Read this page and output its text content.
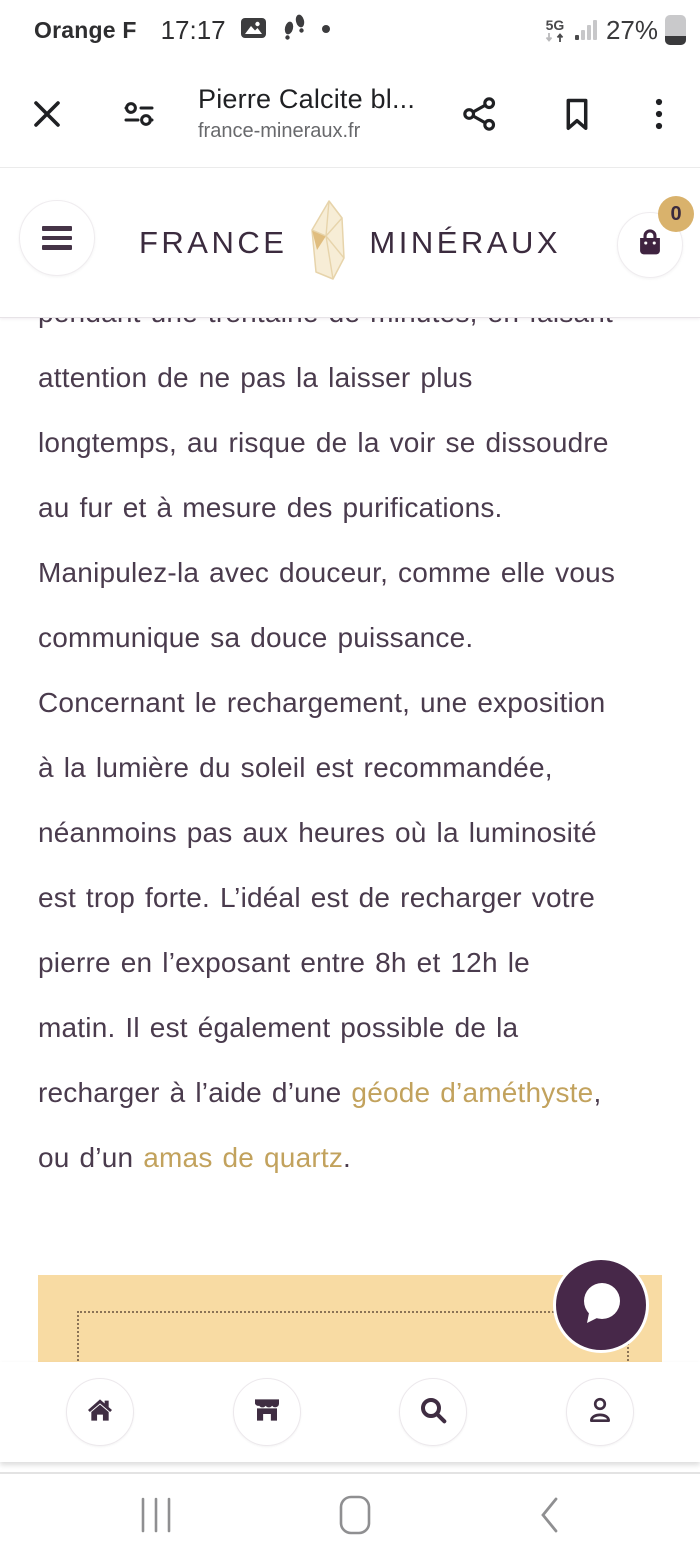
Orange F 17:17	5G 27%
Pierre Calcite bl...
france-mineraux.fr
FRANCE	MINÉRAUX
0
attention de ne pas la laisser plus
longtemps, au risque de la voir se dissoudre
au fur et à mesure des purifications.
Manipulez-la avec douceur, comme elle vous
communique sa douce puissance.
Concernant le rechargement, une exposition
à la lumière du soleil est recommandée,
néanmoins pas aux heures où la luminosité
est trop forte. L’idéal est de recharger votre
pierre en l’exposant entre 8h et 12h le
matin. Il est également possible de la
recharger à l’aide d’une géode d’améthyste,
ou d’un amas de quartz.
